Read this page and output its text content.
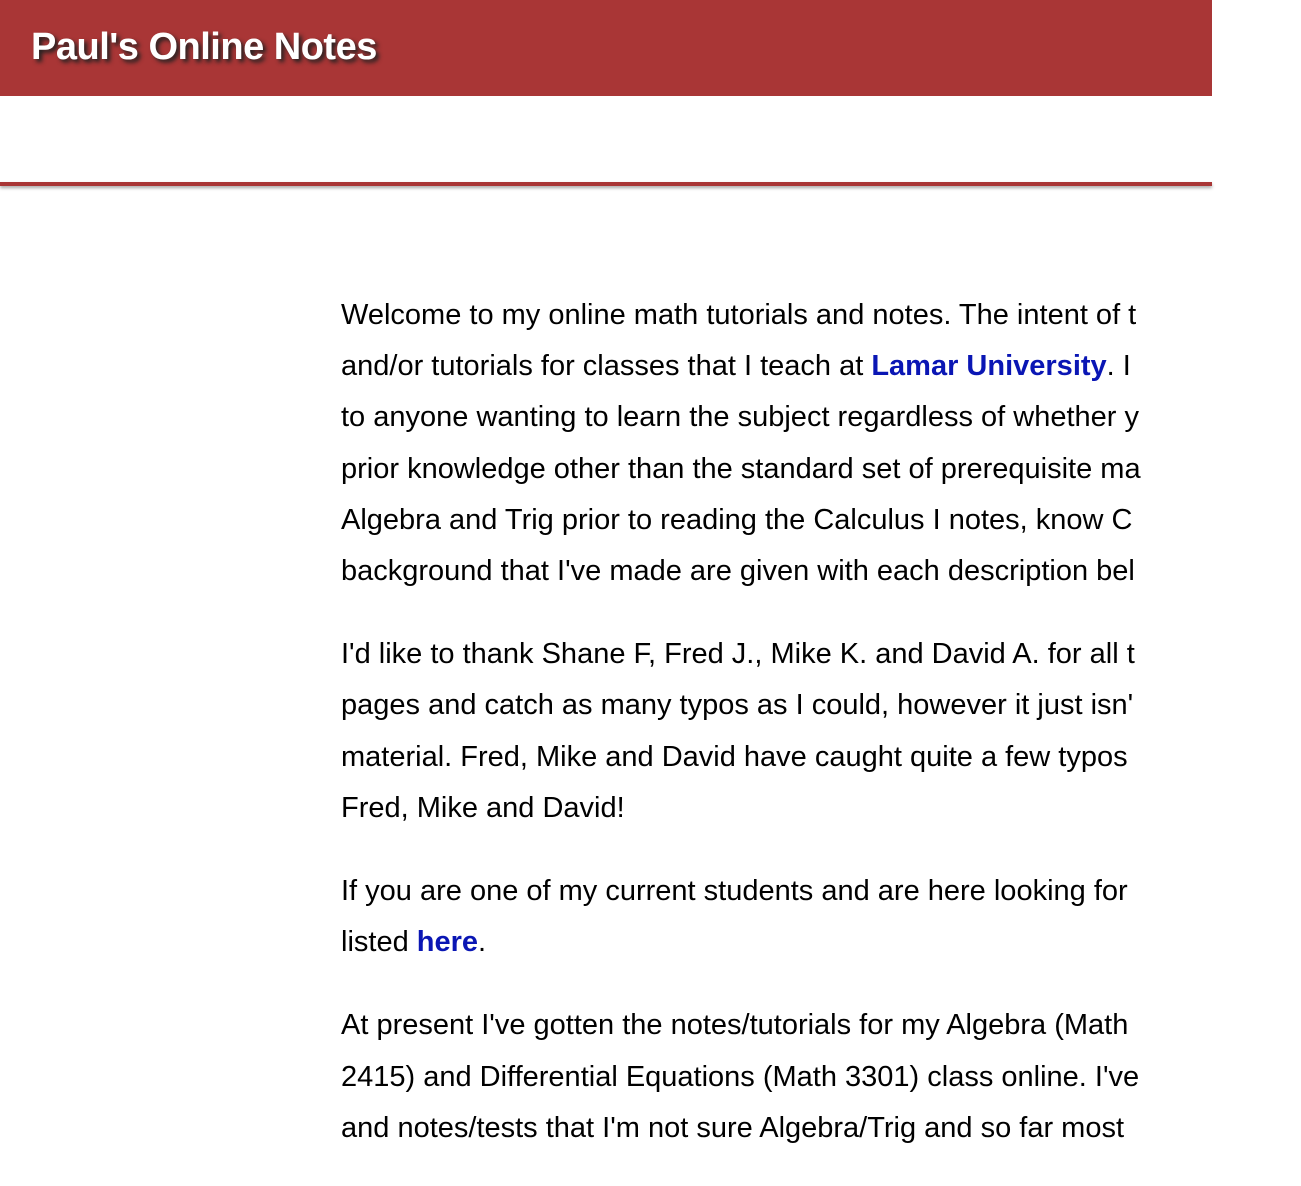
Paul's Online Notes

Welcome to my online math tutorials and notes. The intent of t
and/or tutorials for classes that I teach at Lamar University. I
to anyone wanting to learn the subject regardless of whether y
prior knowledge other than the standard set of prerequisite ma
Algebra and Trig prior to reading the Calculus I notes, know C
background that I've made are given with each description bel

I'd like to thank Shane F, Fred J., Mike K. and David A. for all t
pages and catch as many typos as I could, however it just isn'
material. Fred, Mike and David have caught quite a few typos
Fred, Mike and David!

If you are one of my current students and are here looking for
listed here.

At present I've gotten the notes/tutorials for my Algebra (Math
2415) and Differential Equations (Math 3301) class online. I've
and notes/tests that I'm not sure Algebra/Trig and so far most
